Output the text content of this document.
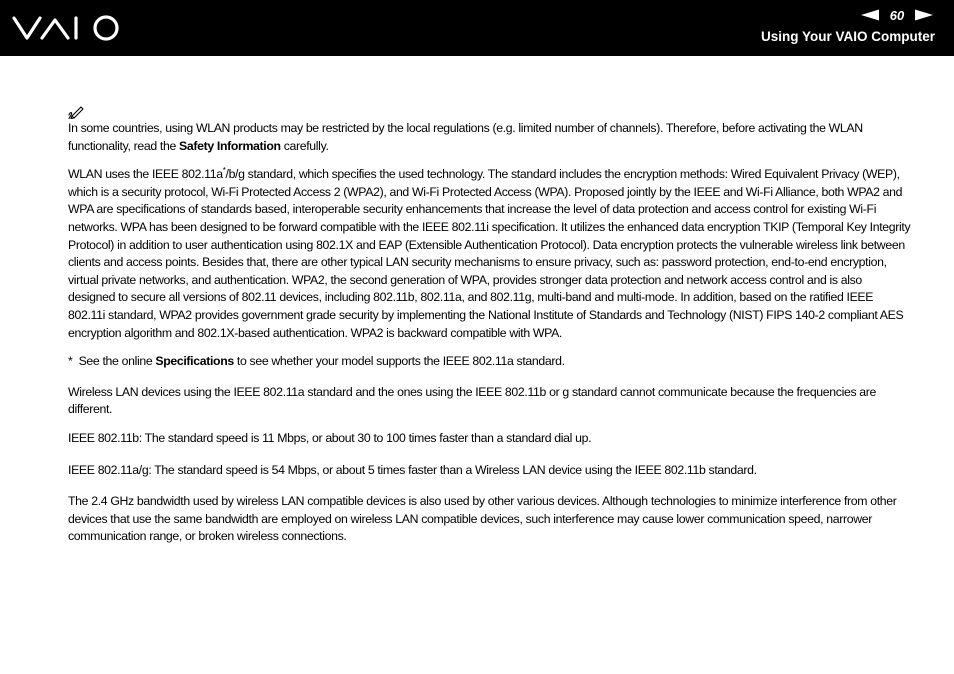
60
Using Your VAIO Computer

In some countries, using WLAN products may be restricted by the local regulations (e.g. limited number of channels). Therefore, before activating the WLAN functionality, read the Safety Information carefully.

WLAN uses the IEEE 802.11a*/b/g standard, which specifies the used technology. The standard includes the encryption methods: Wired Equivalent Privacy (WEP), which is a security protocol, Wi-Fi Protected Access 2 (WPA2), and Wi-Fi Protected Access (WPA). Proposed jointly by the IEEE and Wi-Fi Alliance, both WPA2 and WPA are specifications of standards based, interoperable security enhancements that increase the level of data protection and access control for existing Wi-Fi networks. WPA has been designed to be forward compatible with the IEEE 802.11i specification. It utilizes the enhanced data encryption TKIP (Temporal Key Integrity Protocol) in addition to user authentication using 802.1X and EAP (Extensible Authentication Protocol). Data encryption protects the vulnerable wireless link between clients and access points. Besides that, there are other typical LAN security mechanisms to ensure privacy, such as: password protection, end-to-end encryption, virtual private networks, and authentication. WPA2, the second generation of WPA, provides stronger data protection and network access control and is also designed to secure all versions of 802.11 devices, including 802.11b, 802.11a, and 802.11g, multi-band and multi-mode. In addition, based on the ratified IEEE 802.11i standard, WPA2 provides government grade security by implementing the National Institute of Standards and Technology (NIST) FIPS 140-2 compliant AES encryption algorithm and 802.1X-based authentication. WPA2 is backward compatible with WPA.

* See the online Specifications to see whether your model supports the IEEE 802.11a standard.

Wireless LAN devices using the IEEE 802.11a standard and the ones using the IEEE 802.11b or g standard cannot communicate because the frequencies are different.

IEEE 802.11b: The standard speed is 11 Mbps, or about 30 to 100 times faster than a standard dial up.

IEEE 802.11a/g: The standard speed is 54 Mbps, or about 5 times faster than a Wireless LAN device using the IEEE 802.11b standard.

The 2.4 GHz bandwidth used by wireless LAN compatible devices is also used by other various devices. Although technologies to minimize interference from other devices that use the same bandwidth are employed on wireless LAN compatible devices, such interference may cause lower communication speed, narrower communication range, or broken wireless connections.
